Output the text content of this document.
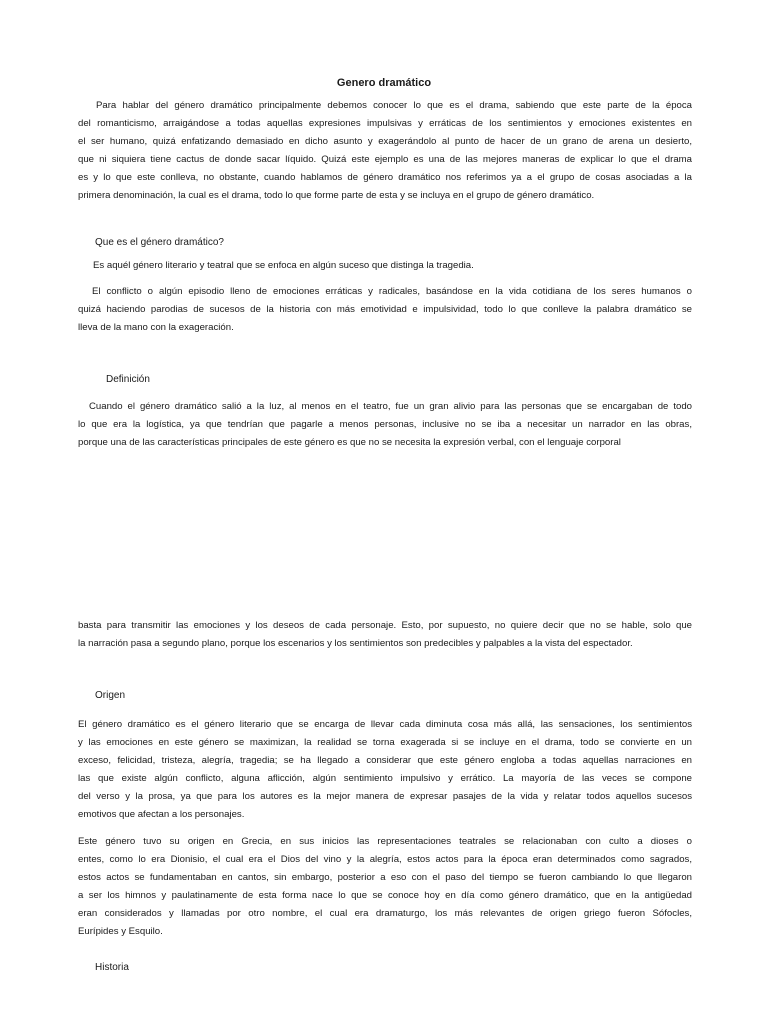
Genero dramático

Para hablar del género dramático principalmente debemos conocer lo que es el drama, sabiendo que este parte de la época
del romanticismo, arraigándose a todas aquellas expresiones impulsivas y erráticas de los sentimientos y emociones existentes en
el ser humano, quizá enfatizando demasiado en dicho asunto y exagerándolo al punto de hacer de un grano de arena un desierto,
que ni siquiera tiene cactus de donde sacar líquido. Quizá este ejemplo es una de las mejores maneras de explicar lo que el drama
es y lo que este conlleva, no obstante, cuando hablamos de género dramático nos referimos ya a el grupo de cosas asociadas a la
primera denominación, la cual es el drama, todo lo que forme parte de esta y se incluya en el grupo de género dramático.

Que es el género dramático?

Es aquél género literario y teatral que se enfoca en algún suceso que distinga la tragedia.

El conflicto o algún episodio lleno de emociones erráticas y radicales, basándose en la vida cotidiana de los seres humanos o
quizá haciendo parodias de sucesos de la historia con más emotividad e impulsividad, todo lo que conlleve la palabra dramático se
lleva de la mano con la exageración.

Definición

Cuando el género dramático salió a la luz, al menos en el teatro, fue un gran alivio para las personas que se encargaban de todo
lo que era la logística, ya que tendrían que pagarle a menos personas, inclusive no se iba a necesitar un narrador en las obras,
porque una de las características principales de este género es que no se necesita la expresión verbal, con el lenguaje corporal

basta para transmitir las emociones y los deseos de cada personaje. Esto, por supuesto, no quiere decir que no se hable, solo que
la narración pasa a segundo plano, porque los escenarios y los sentimientos son predecibles y palpables a la vista del espectador.

Origen

El género dramático es el género literario que se encarga de llevar cada diminuta cosa más allá, las sensaciones, los sentimientos
y las emociones en este género se maximizan, la realidad se torna exagerada si se incluye en el drama, todo se convierte en un
exceso, felicidad, tristeza, alegría, tragedia; se ha llegado a considerar que este género engloba a todas aquellas narraciones en
las que existe algún conflicto, alguna aflicción, algún sentimiento impulsivo y errático. La mayoría de las veces se compone
del verso y la prosa, ya que para los autores es la mejor manera de expresar pasajes de la vida y relatar todos aquellos sucesos
emotivos que afectan a los personajes.

Este género tuvo su origen en Grecia, en sus inicios las representaciones teatrales se relacionaban con culto a dioses o
entes, como lo era Dionisio, el cual era el Dios del vino y la alegría, estos actos para la época eran determinados como sagrados,
estos actos se fundamentaban en cantos, sin embargo, posterior a eso con el paso del tiempo se fueron cambiando lo que llegaron
a ser los himnos y paulatinamente de esta forma nace lo que se conoce hoy en día como género dramático, que en la antigüedad
eran considerados y llamadas por otro nombre, el cual era dramaturgo, los más relevantes de origen griego fueron Sófocles,
Eurípides y Esquilo.

Historia
